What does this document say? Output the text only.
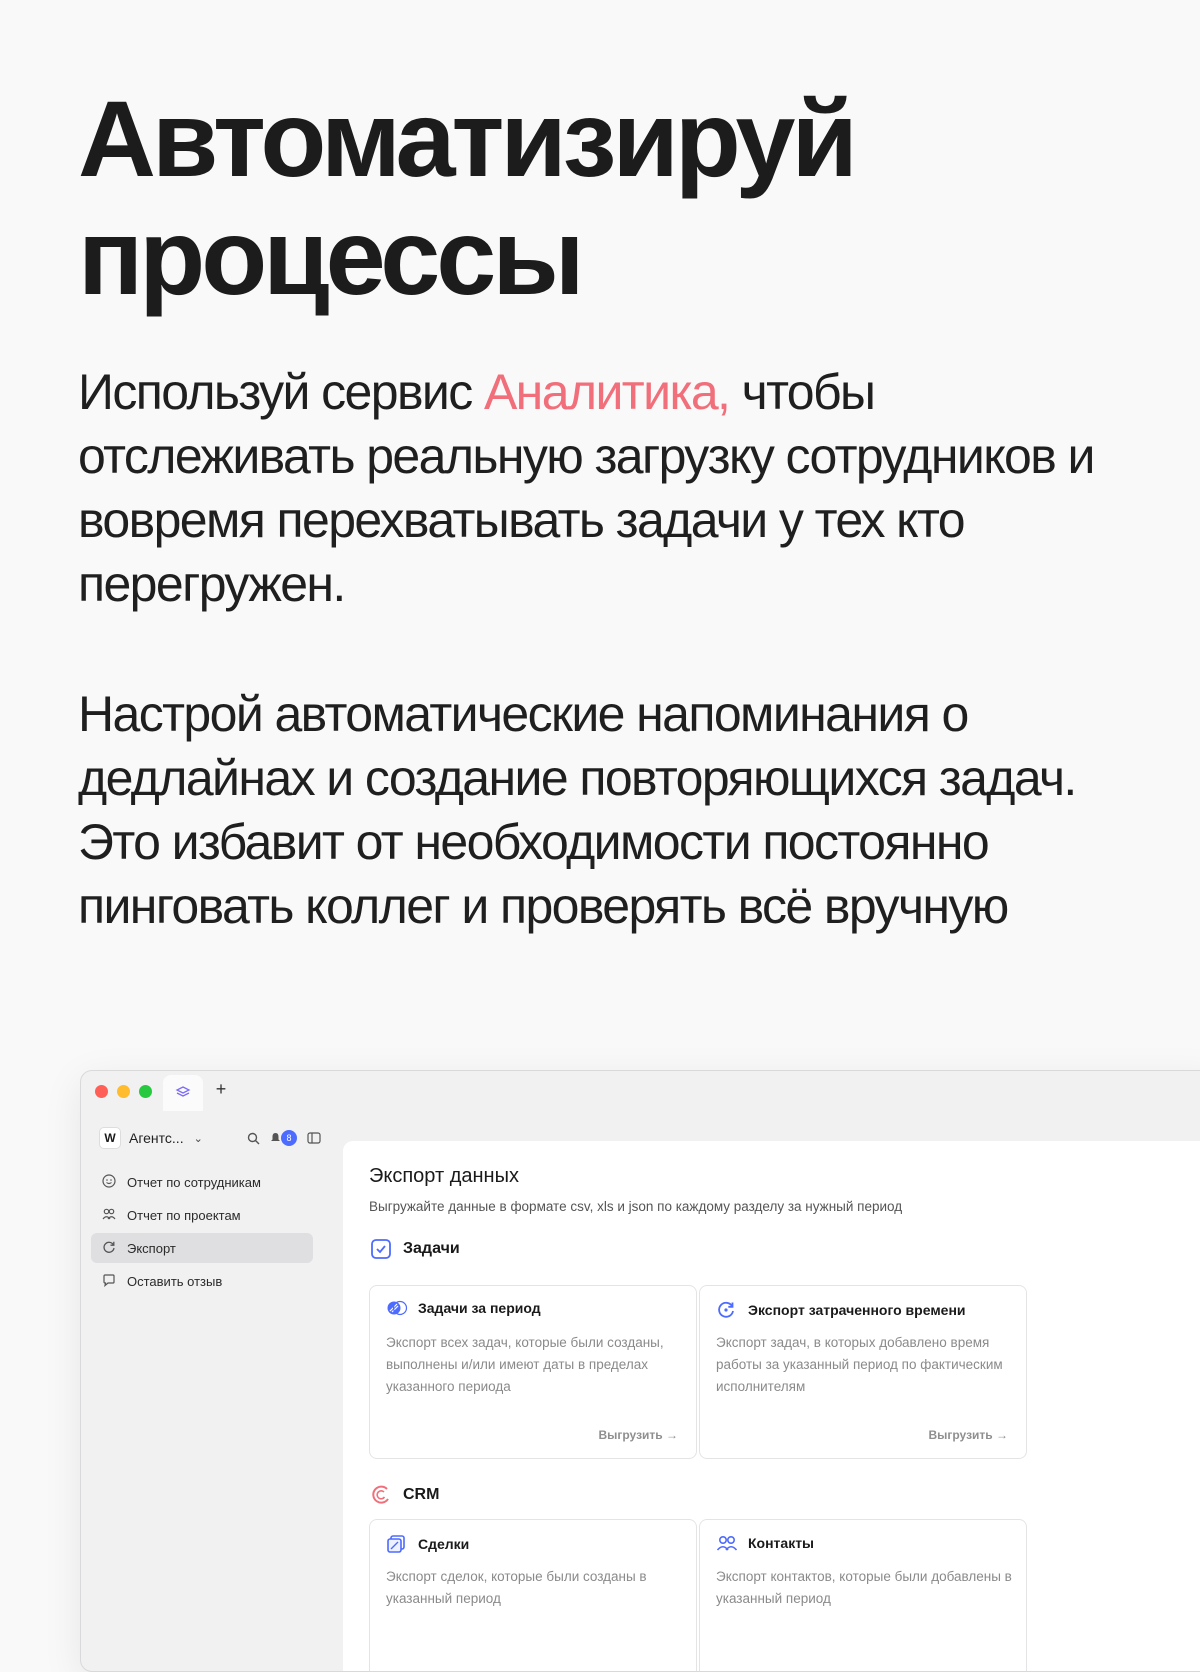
Автоматизируй
процессы

Используй сервис Аналитика, чтобы отслеживать реальную загрузку сотрудников и вовремя перехватывать задачи у тех кто перегружен.

Настрой автоматические напоминания о дедлайнах и создание повторяющихся задач. Это избавит от необходимости постоянно пинговать коллег и проверять всё вручную

+
W Агентс... ⌄	8
Отчет по сотрудникам
Отчет по проектам
Экспорт
Оставить отзыв
Экспорт данных

Выгружайте данные в формате csv, xls и json по каждому разделу за нужный период

Задачи
Задачи за период

Экспорт всех задач, которые были созданы, выполнены и/или имеют даты в пределах указанного периода

Выгрузить →
Экспорт затраченного времени

Экспорт задач, в которых добавлено время работы за указанный период по фактическим исполнителям

Выгрузить →
CRM
Сделки

Экспорт сделок, которые были созданы в указанный период

Контакты

Экспорт контактов, которые были добавлены в указанный период
